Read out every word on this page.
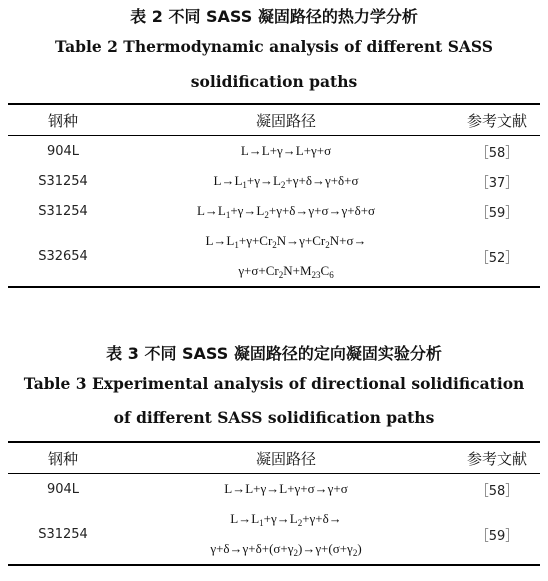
表 2 不同 SASS 凝固路径的热力学分析
Table 2 Thermodynamic analysis of different SASS
solidification paths
钢种	凝固路径	参考文献
904L	L→L+γ→L+γ+σ	［58］
S31254	$L\to L_1+\gamma\to L_2+\gamma+\delta\to\gamma+\delta+\sigma$	［37］
S31254	$L\to L_1+\gamma\to L_2+\gamma+\delta\to\gamma+\sigma\to\gamma+\delta+\sigma$	［59］
S32654	$L\to L_1+\gamma+Cr_2N\to\gamma+Cr_2N+\sigma\to$
$\gamma+\sigma+Cr_2N+M_{23}C_6$	［52］
表 3 不同 SASS 凝固路径的定向凝固实验分析
Table 3 Experimental analysis of directional solidification
of different SASS solidification paths
钢种	凝固路径	参考文献
904L	L→L+γ→L+γ+σ→γ+σ	［58］
S31254	$L\to L_1+\gamma\to L_2+\gamma+\delta\to$
$\gamma+\delta\to\gamma+\delta+(\sigma+\gamma_2)\to\gamma+(\sigma+\gamma_2)$	［59］
